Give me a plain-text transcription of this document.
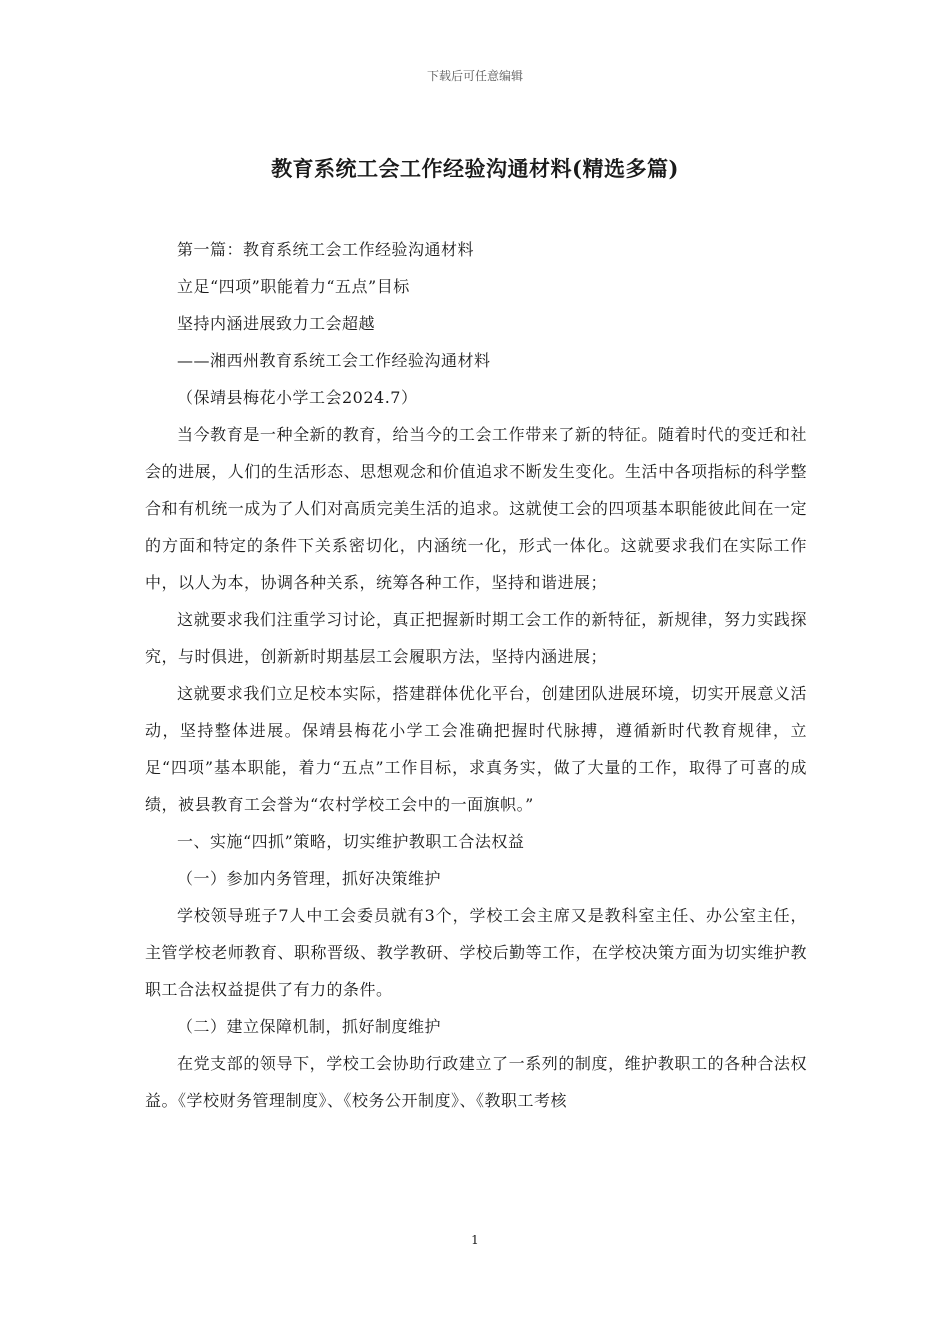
下载后可任意编辑
教育系统工会工作经验沟通材料(精选多篇)

第一篇：教育系统工会工作经验沟通材料

立足“四项”职能着力“五点”目标

坚持内涵进展致力工会超越

——湘西州教育系统工会工作经验沟通材料

（保靖县梅花小学工会2024.7）

当今教育是一种全新的教育，给当今的工会工作带来了新的特征。随着时代的变迁和社会的进展，人们的生活形态、思想观念和价值追求不断发生变化。生活中各项指标的科学整合和有机统一成为了人们对高质完美生活的追求。这就使工会的四项基本职能彼此间在一定的方面和特定的条件下关系密切化，内涵统一化，形式一体化。这就要求我们在实际工作中，以人为本，协调各种关系，统筹各种工作，坚持和谐进展；

这就要求我们注重学习讨论，真正把握新时期工会工作的新特征，新规律，努力实践探究，与时俱进，创新新时期基层工会履职方法，坚持内涵进展；

这就要求我们立足校本实际，搭建群体优化平台，创建团队进展环境，切实开展意义活动，坚持整体进展。保靖县梅花小学工会准确把握时代脉搏，遵循新时代教育规律，立足“四项”基本职能，着力“五点”工作目标，求真务实，做了大量的工作，取得了可喜的成绩，被县教育工会誉为“农村学校工会中的一面旗帜。”

一、实施“四抓”策略，切实维护教职工合法权益

（一）参加内务管理，抓好决策维护

学校领导班子7人中工会委员就有3个，学校工会主席又是教科室主任、办公室主任，主管学校老师教育、职称晋级、教学教研、学校后勤等工作，在学校决策方面为切实维护教职工合法权益提供了有力的条件。

（二）建立保障机制，抓好制度维护

在党支部的领导下，学校工会协助行政建立了一系列的制度，维护教职工的各种合法权益。《学校财务管理制度》、《校务公开制度》、《教职工考核

1
